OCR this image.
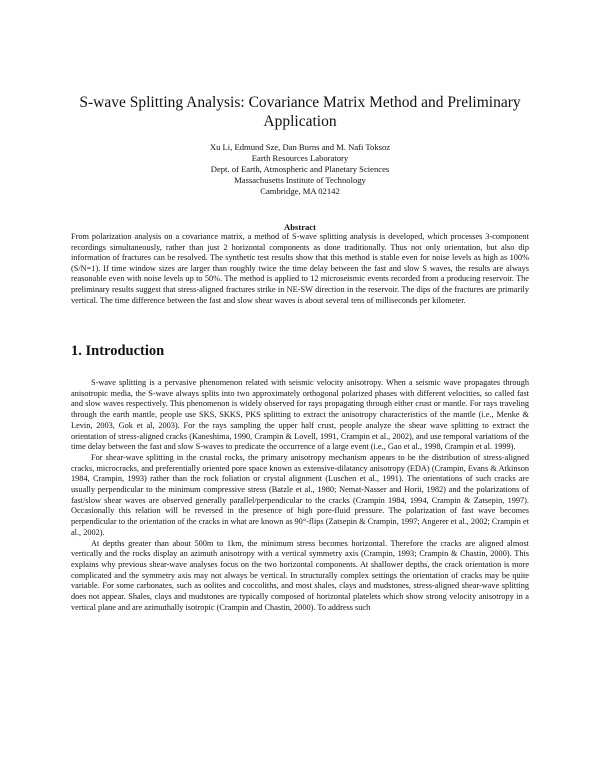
S-wave Splitting Analysis: Covariance Matrix Method and Preliminary Application
Xu Li, Edmund Sze, Dan Burns and M. Nafi Toksoz
Earth Resources Laboratory
Dept. of Earth, Atmospheric and Planetary Sciences
Massachusetts Institute of Technology
Cambridge, MA 02142
Abstract
From polarization analysis on a covariance matrix, a method of S-wave splitting analysis is developed, which processes 3-component recordings simultaneously, rather than just 2 horizontal components as done traditionally. Thus not only orientation, but also dip information of fractures can be resolved. The synthetic test results show that this method is stable even for noise levels as high as 100% (S/N=1). If time window sizes are larger than roughly twice the time delay between the fast and slow S waves, the results are always reasonable even with noise levels up to 50%. The method is applied to 12 microseismic events recorded from a producing reservoir. The preliminary results suggest that stress-aligned fractures strike in NE-SW direction in the reservoir. The dips of the fractures are primarily vertical. The time difference between the fast and slow shear waves is about several tens of milliseconds per kilometer.
1. Introduction

S-wave splitting is a pervasive phenomenon related with seismic velocity anisotropy. When a seismic wave propagates through anisotropic media, the S-wave always splits into two approximately orthogonal polarized phases with different velocities, so called fast and slow waves respectively. This phenomenon is widely observed for rays propagating through either crust or mantle. For rays traveling through the earth mantle, people use SKS, SKKS, PKS splitting to extract the anisotropy characteristics of the mantle (i.e., Menke & Levin, 2003, Gok et al, 2003). For the rays sampling the upper half crust, people analyze the shear wave splitting to extract the orientation of stress-aligned cracks (Kaneshima, 1990, Crampin & Lovell, 1991, Crampin et al., 2002), and use temporal variations of the time delay between the fast and slow S-waves to predicate the occurrence of a large event (i.e., Gao et al., 1998, Crampin et al. 1999).

For shear-wave splitting in the crustal rocks, the primary anisotropy mechanism appears to be the distribution of stress-aligned cracks, microcracks, and preferentially oriented pore space known as extensive-dilatancy anisotropy (EDA) (Crampin, Evans & Atkinson 1984, Crampin, 1993) rather than the rock foliation or crystal alignment (Luschen et al., 1991). The orientations of such cracks are usually perpendicular to the minimum compressive stress (Batzle et al., 1980; Nemat-Nasser and Horii, 1982) and the polarizations of fast/slow shear waves are observed generally parallel/perpendicular to the cracks (Crampin 1984, 1994, Crampin & Zatsepin, 1997). Occasionally this relation will be reversed in the presence of high pore-fluid pressure. The polarization of fast wave becomes perpendicular to the orientation of the cracks in what are known as 90°-flips (Zatsepin & Crampin, 1997; Angerer et al., 2002; Crampin et al., 2002).

At depths greater than about 500m to 1km, the minimum stress becomes horizontal. Therefore the cracks are aligned almost vertically and the rocks display an azimuth anisotropy with a vertical symmetry axis (Crampin, 1993; Crampin & Chastin, 2000). This explains why previous shear-wave analyses focus on the two horizontal components. At shallower depths, the crack orientation is more complicated and the symmetry axis may not always be vertical. In structurally complex settings the orientation of cracks may be quite variable. For some carbonates, such as oolites and coccoliths, and most shales, clays and mudstones, stress-aligned shear-wave splitting does not appear. Shales, clays and mudstones are typically composed of horizontal platelets which show strong velocity anisotropy in a vertical plane and are azimuthally isotropic (Crampin and Chastin, 2000). To address such
